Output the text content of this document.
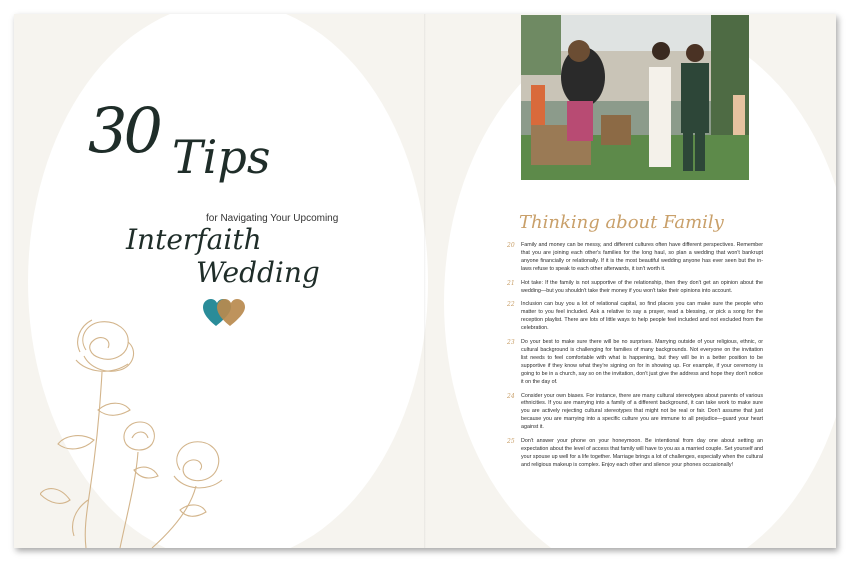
30 Tips
for Navigating Your Upcoming
Interfaith
Wedding
Thinking about Family
20 Family and money can be messy, and different cultures often have different perspectives. Remember that you are joining each other's families for the long haul, so plan a wedding that won't bankrupt anyone financially or relationally. If it is the most beautiful wedding anyone has ever seen but the in-laws refuse to speak to each other afterwards, it isn't worth it.
21 Hot take: If the family is not supportive of the relationship, then they don't get an opinion about the wedding—but you shouldn't take their money if you won't take their opinions into account.
22 Inclusion can buy you a lot of relational capital, so find places you can make sure the people who matter to you feel included. Ask a relative to say a prayer, read a blessing, or pick a song for the reception playlist. There are lots of little ways to help people feel included and not excluded from the celebration.
23 Do your best to make sure there will be no surprises. Marrying outside of your religious, ethnic, or cultural background is challenging for families of many backgrounds. Not everyone on the invitation list needs to feel comfortable with what is happening, but they will be in a better position to be supportive if they know what they're signing on for in showing up. For example, if your ceremony is going to be in a church, say so on the invitation, don't just give the address and hope they don't notice it on the day of.
24 Consider your own biases. For instance, there are many cultural stereotypes about parents of various ethnicities. If you are marrying into a family of a different background, it can take work to make sure you are actively rejecting cultural stereotypes that might not be real or fair. Don't assume that just because you are marrying into a specific culture you are immune to all prejudice—guard your heart against it.
25 Don't answer your phone on your honeymoon. Be intentional from day one about setting an expectation about the level of access that family will have to you as a married couple. Set yourself and your spouse up well for a life together. Marriage brings a lot of challenges, especially when the cultural and religious makeup is complex. Enjoy each other and silence your phones occasionally!
